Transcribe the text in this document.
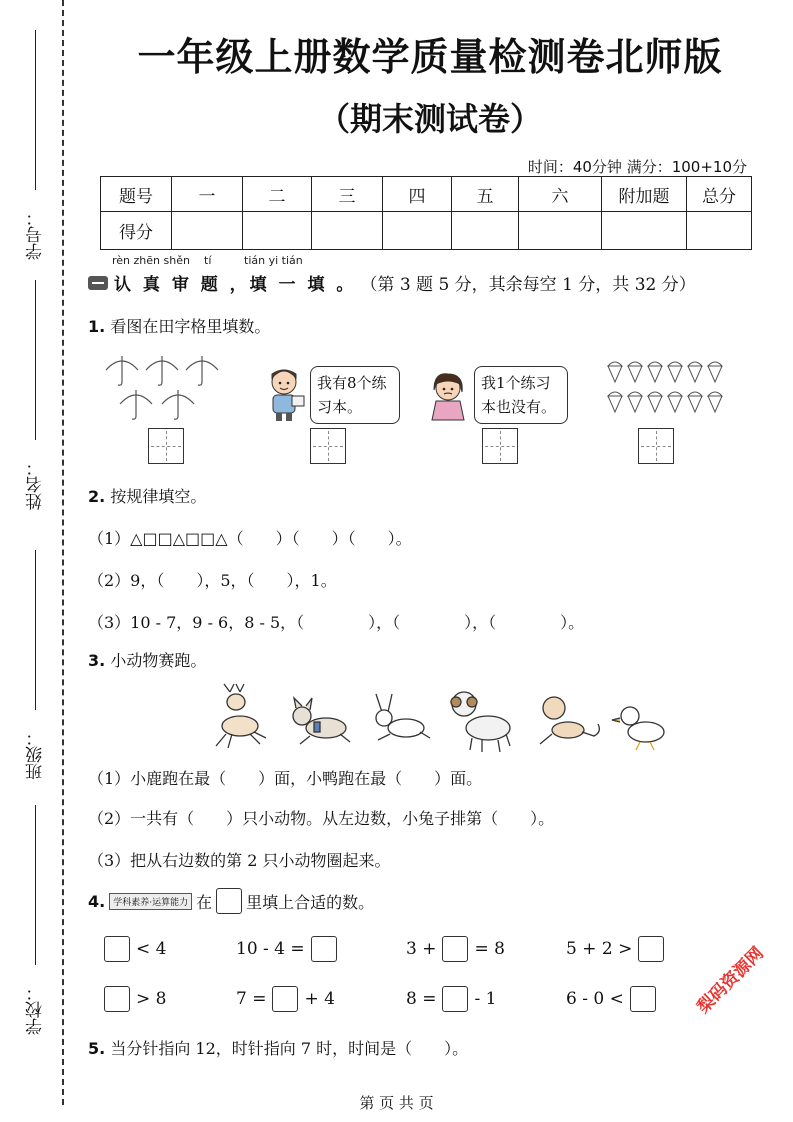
学号：
姓名：
班级：
学校：
一年级上册数学质量检测卷北师版
（期末测试卷）
时间：40分钟 满分：100+10分
题号	一	二	三	四	五	六	附加题	总分
得分								
rèn zhēn shěn tí	tián yi tián
认 真 审 题 ，填 一 填 。 （第 3 题 5 分，其余每空 1 分，共 32 分）
1. 看图在田字格里填数。
我有8个练习本。
我1个练习本也没有。
2. 按规律填空。
（1）△□□△□□△（　　）（　　）（　　）。
（2）9，（　　），5，（　　），1。
（3）10 - 7，9 - 6，8 - 5，（　　　　），（　　　　），（　　　　）。
3. 小动物赛跑。
（1）小鹿跑在最（　　）面，小鸭跑在最（　　）面。
（2）一共有（　　）只小动物。从左边数，小兔子排第（　　）。
（3）把从右边数的第 2 只小动物圈起来。
4. 学科素养·运算能力 在 里填上合适的数。
< 4	10 - 4 =	3 + = 8	5 + 2 >
> 8	7 = + 4	8 = - 1	6 - 0 <
5. 当分针指向 12，时针指向 7 时，时间是（　　）。
梨码资源网
第 页 共 页
